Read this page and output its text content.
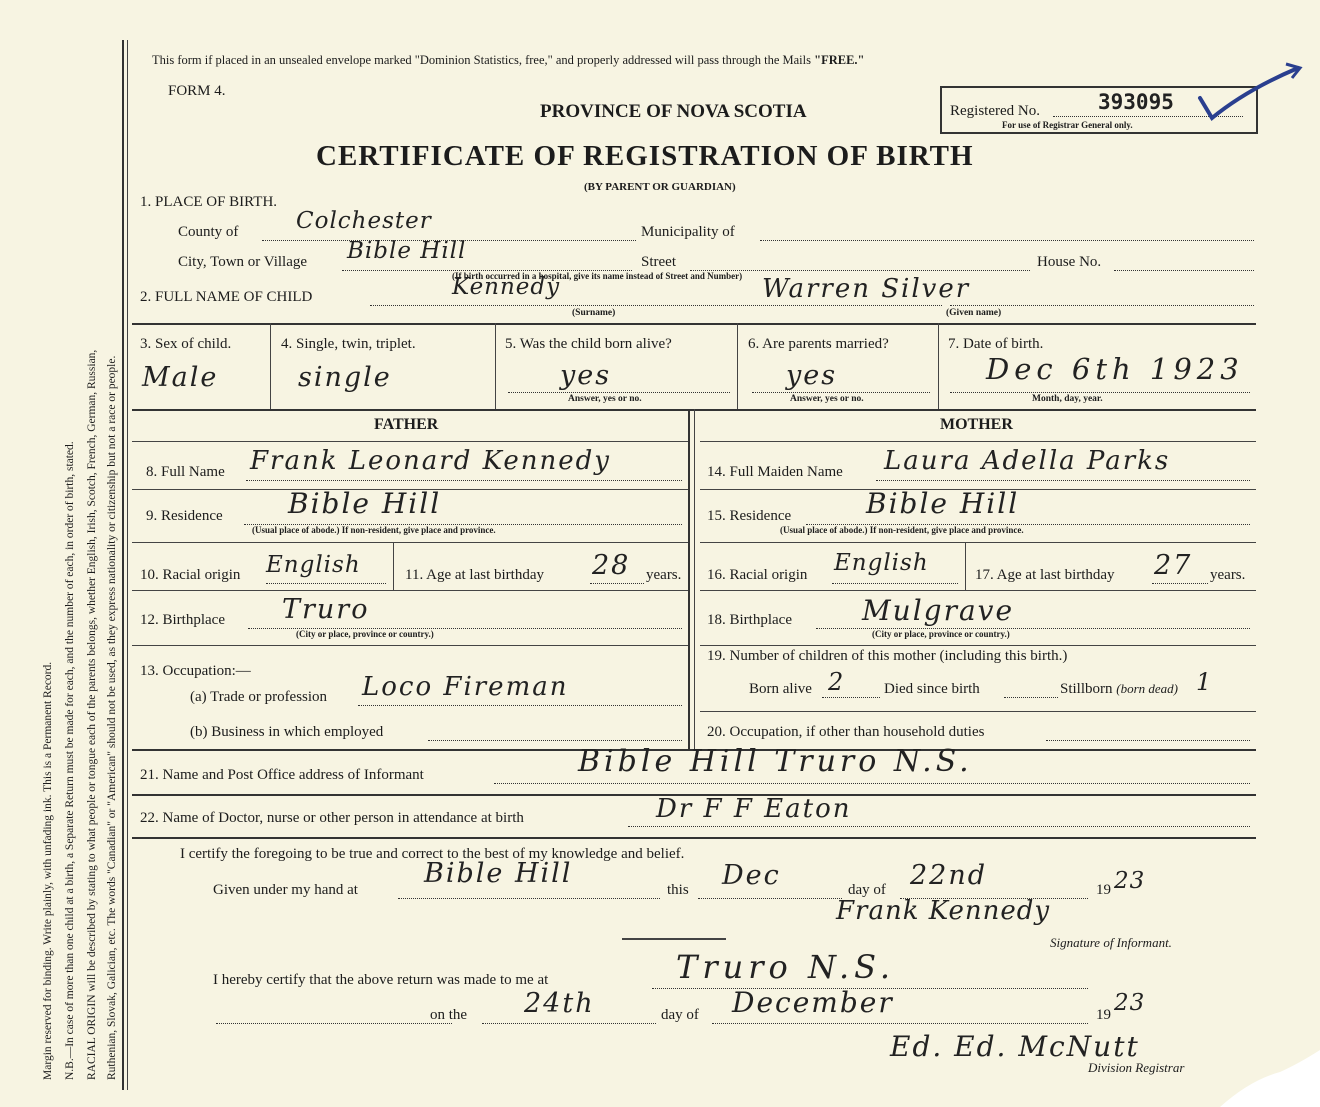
Margin reserved for binding. Write plainly, with unfading ink. This is a Permanent Record. N.B.—In case of more than one child at a birth, a Separate Return must be made for each, and the number of each, in order of birth, stated. RACIAL ORIGIN will be described by stating to what people or tongue each of the parents belongs, whether English, Irish, Scotch, French, German, Russian, Ruthenian, Slovak, Galician, etc. The words "Canadian" or "American" should not be used, as they express nationality or citizenship but not a race or people.
This form if placed in an unsealed envelope marked "Dominion Statistics, free," and properly addressed will pass through the Mails "FREE."
FORM 4.
PROVINCE OF NOVA SCOTIA
CERTIFICATE OF REGISTRATION OF BIRTH
(BY PARENT OR GUARDIAN)
Registered No.	393095
For use of Registrar General only.
1. PLACE OF BIRTH.
County of	Colchester	Municipality of
City, Town or Village Bible Hill	Street	House No.
(If birth occurred in a hospital, give its name instead of Street and Number)
2. FULL NAME OF CHILD	Kennedy
(Surname)
Warren Silver
(Given name)
3. Sex of child.
Male
4. Single, twin, triplet.
single
5. Was the child born alive?
yes
Answer, yes or no.
6. Are parents married?
yes
Answer, yes or no.
7. Date of birth.
Dec 6th 1923
Month, day, year.
FATHER	MOTHER
8. Full Name Frank Leonard Kennedy	14. Full Maiden Name Laura Adella Parks
9. Residence Bible Hill
(Usual place of abode.) If non-resident, give place and province.
15. Residence	Bible Hill
(Usual place of abode.) If non-resident, give place and province.
10. Racial origin English	11. Age at last birthday 28 years. 16. Racial origin English	17. Age at last birthday 27 years.
12. Birthplace Truro
(City or place, province or country.)
18. Birthplace	Mulgrave
(City or place, province or country.)
13. Occupation:—
(a) Trade or profession Loco Fireman
(b) Business in which employed
19. Number of children of this mother (including this birth.)
Born alive 2	Died since birth	Stillborn (born dead) 1
20. Occupation, if other than household duties
21. Name and Post Office address of Informant	Bible Hill Truro N.S.
22. Name of Doctor, nurse or other person in attendance at birth	Dr F F Eaton
I certify the foregoing to be true and correct to the best of my knowledge and belief.
Given under my hand at
Bible Hill
this Dec	day of 22nd	19 23
Frank Kennedy
Signature of Informant.
I hereby certify that the above return was made to me at	Truro N.S.
on the 24th	day of December	19 23
Ed. Ed. McNutt
Division Registrar
